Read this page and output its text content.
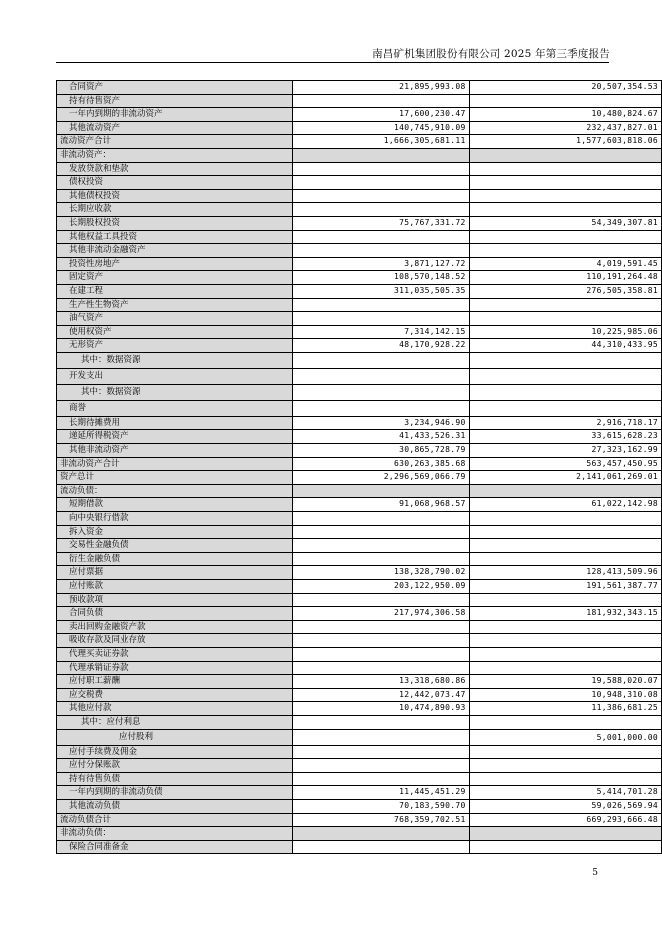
南昌矿机集团股份有限公司 2025 年第三季度报告
合同资产	21,895,993.08	20,507,354.53
持有待售资产		
一年内到期的非流动资产	17,600,230.47	10,480,824.67
其他流动资产	140,745,910.09	232,437,827.01
流动资产合计	1,666,305,681.11	1,577,603,818.06
非流动资产：		
发放贷款和垫款		
债权投资		
其他债权投资		
长期应收款		
长期股权投资	75,767,331.72	54,349,307.81
其他权益工具投资		
其他非流动金融资产		
投资性房地产	3,871,127.72	4,019,591.45
固定资产	108,570,148.52	110,191,264.48
在建工程	311,035,505.35	276,505,358.81
生产性生物资产		
油气资产		
使用权资产	7,314,142.15	10,225,985.06
无形资产	48,170,928.22	44,310,433.95
其中：数据资源		
开发支出		
其中：数据资源		
商誉		
长期待摊费用	3,234,946.90	2,916,718.17
递延所得税资产	41,433,526.31	33,615,628.23
其他非流动资产	30,865,728.79	27,323,162.99
非流动资产合计	630,263,385.68	563,457,450.95
资产总计	2,296,569,066.79	2,141,061,269.01
流动负债：		
短期借款	91,068,968.57	61,022,142.98
向中央银行借款		
拆入资金		
交易性金融负债		
衍生金融负债		
应付票据	138,328,790.02	128,413,509.96
应付账款	203,122,950.09	191,561,387.77
预收款项		
合同负债	217,974,306.58	181,932,343.15
卖出回购金融资产款		
吸收存款及同业存放		
代理买卖证券款		
代理承销证券款		
应付职工薪酬	13,318,680.86	19,588,020.07
应交税费	12,442,073.47	10,948,310.08
其他应付款	10,474,890.93	11,386,681.25
其中：应付利息		
应付股利		5,001,000.00
应付手续费及佣金		
应付分保账款		
持有待售负债		
一年内到期的非流动负债	11,445,451.29	5,414,701.28
其他流动负债	70,183,590.70	59,026,569.94
流动负债合计	768,359,702.51	669,293,666.48
非流动负债：		
保险合同准备金		
5
